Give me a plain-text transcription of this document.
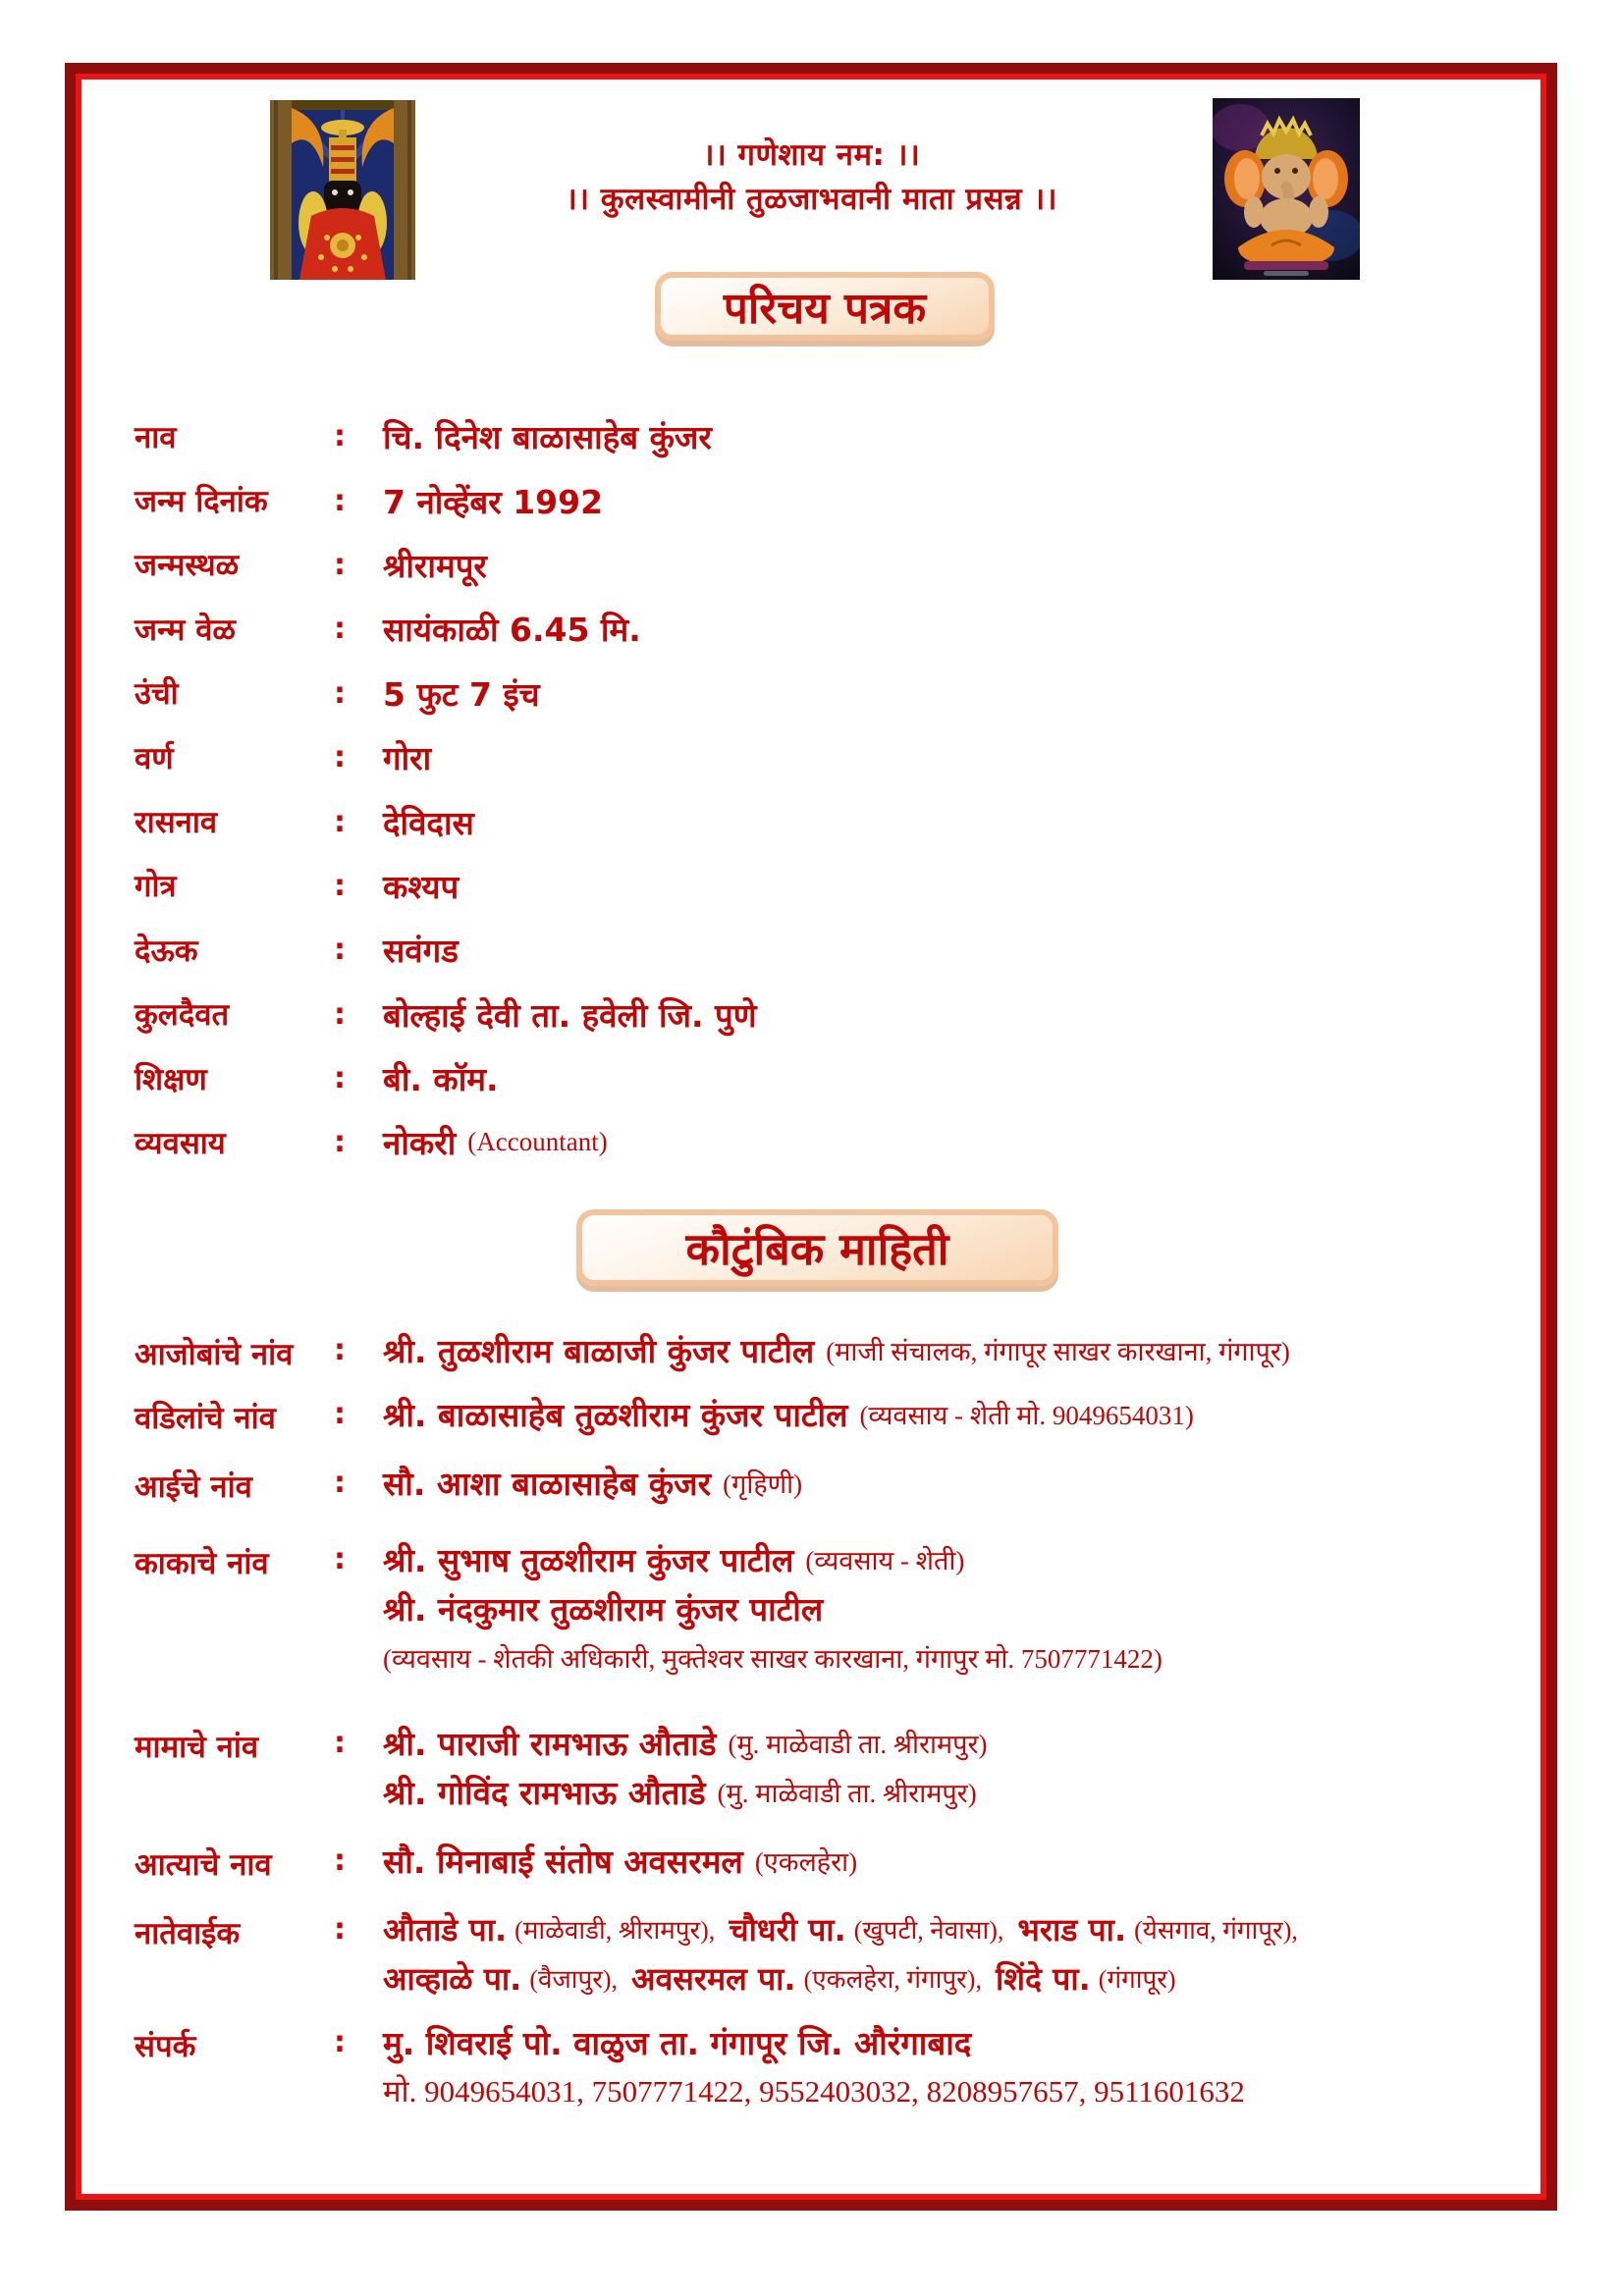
।। गणेशाय नम: ।।
।। कुलस्वामीनी तुळजाभवानी माता प्रसन्न ।।
परिचय पत्रक
नाव	:	चि. दिनेश बाळासाहेब कुंजर
जन्म दिनांक	:	7 नोव्हेंबर 1992
जन्मस्थळ	:	श्रीरामपूर
जन्म वेळ	:	सायंकाळी 6.45 मि.
उंची	:	5 फुट 7 इंच
वर्ण	:	गोरा
रासनाव	:	देविदास
गोत्र	:	कश्यप
देऊक	:	सवंगड
कुलदैवत	:	बोल्हाई देवी ता. हवेली जि. पुणे
शिक्षण	:	बी. कॉम.
व्यवसाय	:	नोकरी (Accountant)
कौटुंबिक माहिती
आजोबांचे नांव	:	श्री. तुळशीराम बाळाजी कुंजर पाटील (माजी संचालक, गंगापूर साखर कारखाना, गंगापूर)
वडिलांचे नांव	:	श्री. बाळासाहेब तुळशीराम कुंजर पाटील (व्यवसाय - शेती मो. 9049654031)
आईचे नांव	:	सौ. आशा बाळासाहेब कुंजर (गृहिणी)
काकाचे नांव	:	श्री. सुभाष तुळशीराम कुंजर पाटील (व्यवसाय - शेती)
श्री. नंदकुमार तुळशीराम कुंजर पाटील
(व्यवसाय - शेतकी अधिकारी, मुक्तेश्वर साखर कारखाना, गंगापुर मो. 7507771422)
मामाचे नांव	:	श्री. पाराजी रामभाऊ औताडे (मु. माळेवाडी ता. श्रीरामपुर)
श्री. गोविंद रामभाऊ औताडे (मु. माळेवाडी ता. श्रीरामपुर)
आत्याचे नाव	:	सौ. मिनाबाई संतोष अवसरमल (एकलहेरा)
नातेवाईक	:	औताडे पा. (माळेवाडी, श्रीरामपुर), चौधरी पा. (खुपटी, नेवासा), भराड पा. (येसगाव, गंगापूर),
आव्हाळे पा. (वैजापुर), अवसरमल पा. (एकलहेरा, गंगापुर), शिंदे पा. (गंगापूर)
संपर्क	:	मु. शिवराई पो. वाळुज ता. गंगापूर जि. औरंगाबाद
मो. 9049654031, 7507771422, 9552403032, 8208957657, 9511601632
